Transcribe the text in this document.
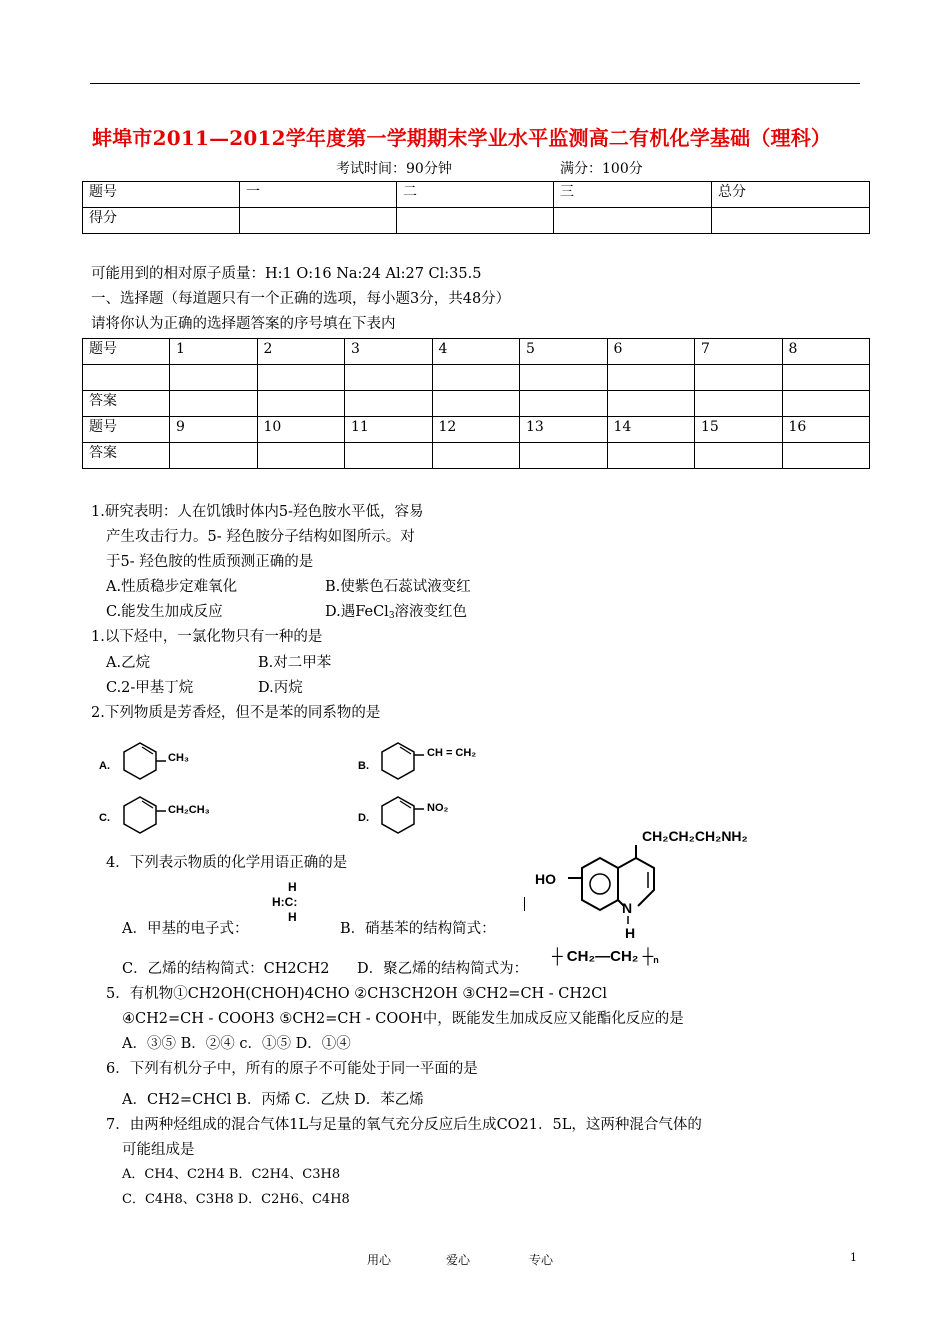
蚌埠市2011—2012学年度第一学期期末学业水平监测高二有机化学基础（理科）
考试时间：90分钟	满分：100分
题号	一	二	三	总分
得分				
可能用到的相对原子质量：H:1 O:16 Na:24 Al:27 Cl:35.5
一、选择题（每道题只有一个正确的选项，每小题3分，共48分）
请将你认为正确的选择题答案的序号填在下表内
题号	1	2	3	4	5	6	7	8

答案								
题号	9	10	11	12	13	14	15	16
答案								
1.研究表明：人在饥饿时体内5-羟色胺水平低，容易
产生攻击行力。5- 羟色胺分子结构如图所示。对
于5- 羟色胺的性质预测正确的是
A.性质稳步定难氧化	B.使紫色石蕊试液变红
C.能发生加成反应	D.遇FeCl$_3$溶液变红色
1.以下烃中，一氯化物只有一种的是
A.乙烷	B.对二甲苯
C.2-甲基丁烷	D.丙烷
2.下列物质是芳香烃，但不是苯的同系物的是
A.
CH₃
B.
CH = CH₂
C.
CH₂CH₃
D.
NO₂
CH₂CH₂CH₂NH₂
HO
N
H
4．下列表示物质的化学用语正确的是
A．甲基的电子式：
H
H:C:
H
B．硝基苯的结构简式：
C．乙烯的结构简式：CH2CH2 D．聚乙烯的结构简式为：
┼ CH₂—CH₂ $┼_n$
5．有机物①CH2OH(CHOH)4CHO ②CH3CH2OH ③CH2=CH - CH2Cl
④CH2=CH - COOH3 ⑤CH2=CH - COOH中，既能发生加成反应又能酯化反应的是
A．③⑤ B．②④ c．①⑤ D．①④
6．下列有机分子中，所有的原子不可能处于同一平面的是
A．CH2=CHCl B．丙烯 C．乙炔 D．苯乙烯
7．由两种烃组成的混合气体1L与足量的氧气充分反应后生成CO21．5L，这两种混合气体的
可能组成是
A．CH4、C2H4 B．C2H4、C3H8
C．C4H8、C3H8 D．C2H6、C4H8
用心	爱心	专心	1
